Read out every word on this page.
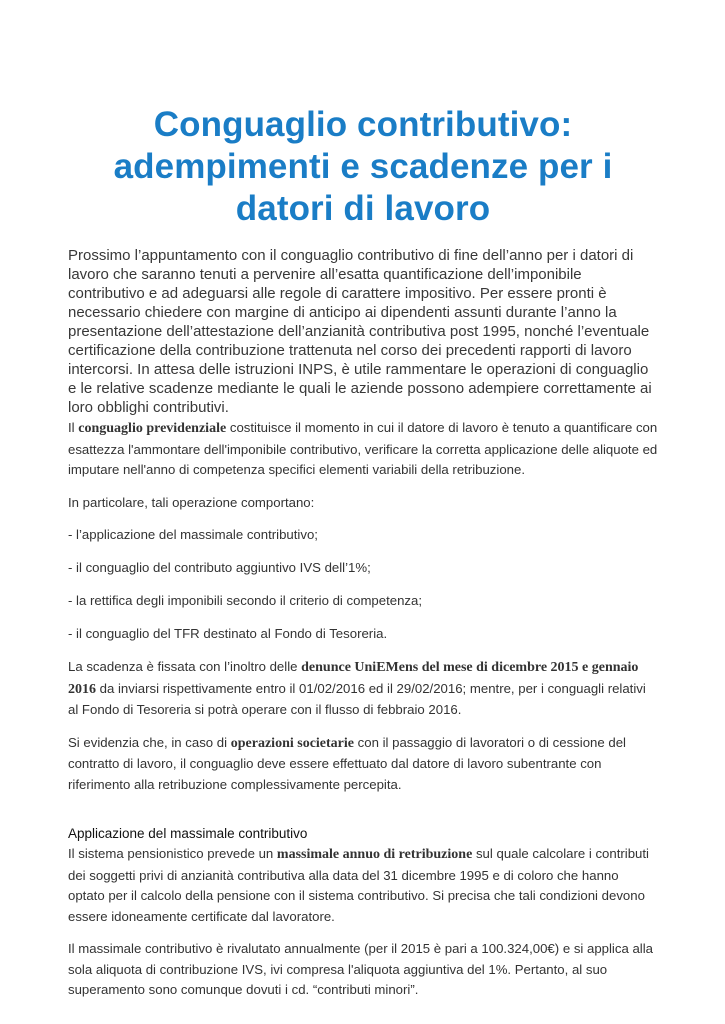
Conguaglio contributivo: adempimenti e scadenze per i datori di lavoro

Prossimo l’appuntamento con il conguaglio contributivo di fine dell’anno per i datori di lavoro che saranno tenuti a pervenire all’esatta quantificazione dell’imponibile contributivo e ad adeguarsi alle regole di carattere impositivo. Per essere pronti è necessario chiedere con margine di anticipo ai dipendenti assunti durante l’anno la presentazione dell’attestazione dell’anzianità contributiva post 1995, nonché l’eventuale certificazione della contribuzione trattenuta nel corso dei precedenti rapporti di lavoro intercorsi. In attesa delle istruzioni INPS, è utile rammentare le operazioni di conguaglio e le relative scadenze mediante le quali le aziende possono adempiere correttamente ai loro obblighi contributivi.

Il conguaglio previdenziale costituisce il momento in cui il datore di lavoro è tenuto a quantificare con esattezza l'ammontare dell'imponibile contributivo, verificare la corretta applicazione delle aliquote ed imputare nell'anno di competenza specifici elementi variabili della retribuzione.

In particolare, tali operazione comportano:

- l’applicazione del massimale contributivo;

- il conguaglio del contributo aggiuntivo IVS dell’1%;

- la rettifica degli imponibili secondo il criterio di competenza;

- il conguaglio del TFR destinato al Fondo di Tesoreria.

La scadenza è fissata con l’inoltro delle denunce UniEMens del mese di dicembre 2015 e gennaio 2016 da inviarsi rispettivamente entro il 01/02/2016 ed il 29/02/2016; mentre, per i conguagli relativi al Fondo di Tesoreria si potrà operare con il flusso di febbraio 2016.

Si evidenzia che, in caso di operazioni societarie con il passaggio di lavoratori o di cessione del contratto di lavoro, il conguaglio deve essere effettuato dal datore di lavoro subentrante con riferimento alla retribuzione complessivamente percepita.

Applicazione del massimale contributivo

Il sistema pensionistico prevede un massimale annuo di retribuzione sul quale calcolare i contributi dei soggetti privi di anzianità contributiva alla data del 31 dicembre 1995 e di coloro che hanno optato per il calcolo della pensione con il sistema contributivo. Si precisa che tali condizioni devono essere idoneamente certificate dal lavoratore.

Il massimale contributivo è rivalutato annualmente (per il 2015 è pari a 100.324,00€) e si applica alla sola aliquota di contribuzione IVS, ivi compresa l'aliquota aggiuntiva del 1%. Pertanto, al suo superamento sono comunque dovuti i cd. “contributi minori”.
